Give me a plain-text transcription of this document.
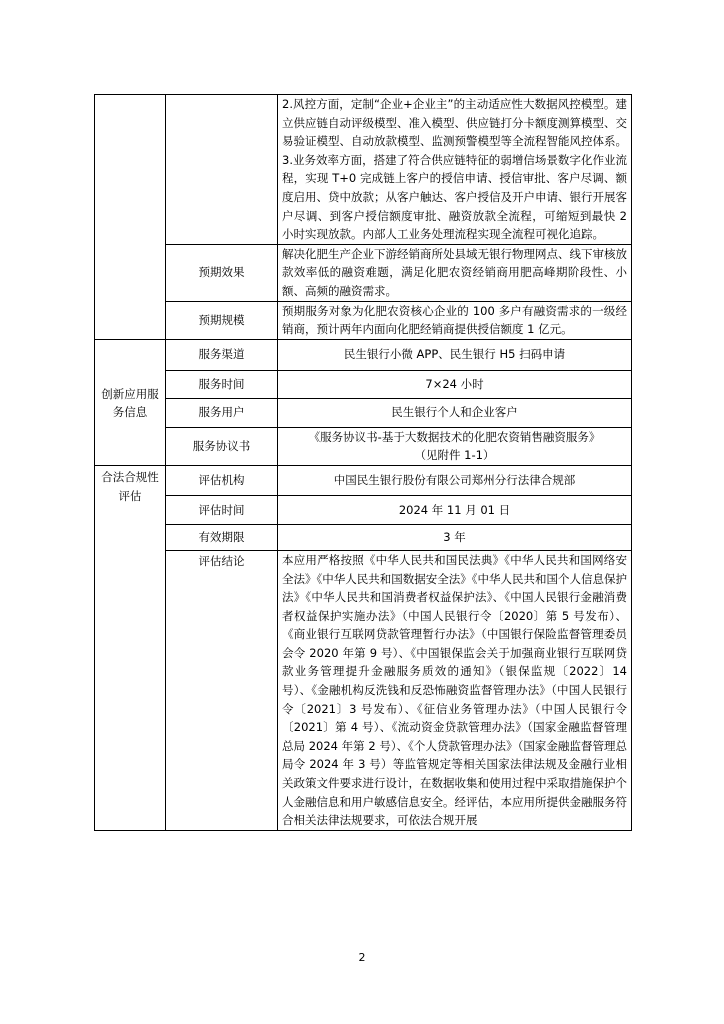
		2.风控方面，定制“企业+企业主”的主动适应性大数据风控模型。建立供应链自动评级模型、准入模型、供应链打分卡额度测算模型、交易验证模型、自动放款模型、监测预警模型等全流程智能风控体系。
3.业务效率方面，搭建了符合供应链特征的弱增信场景数字化作业流程，实现 T+0 完成链上客户的授信申请、授信审批、客户尽调、额度启用、贷中放款；从客户触达、客户授信及开户申请、银行开展客户尽调、到客户授信额度审批、融资放款全流程，可缩短到最快 2 小时实现放款。内部人工业务处理流程实现全流程可视化追踪。

	预期效果	解决化肥生产企业下游经销商所处县域无银行物理网点、线下审核放款效率低的融资难题，满足化肥农资经销商用肥高峰期阶段性、小额、高频的融资需求。
	预期规模	预期服务对象为化肥农资核心企业的 100 多户有融资需求的一级经销商，预计两年内面向化肥经销商提供授信额度 1 亿元。
创新应用服务信息	服务渠道	民生银行小微 APP、民生银行 H5 扫码申请
	服务时间	7×24 小时
	服务用户	民生银行个人和企业客户
	服务协议书	《服务协议书-基于大数据技术的化肥农资销售融资服务》
（见附件 1-1）

合法合规性评估	评估机构	中国民生银行股份有限公司郑州分行法律合规部
	评估时间	2024 年 11 月 01 日
	有效期限	3 年
	评估结论	本应用严格按照《中华人民共和国民法典》《中华人民共和国网络安全法》《中华人民共和国数据安全法》《中华人民共和国个人信息保护法》《中华人民共和国消费者权益保护法》、《中国人民银行金融消费者权益保护实施办法》（中国人民银行令〔2020〕第 5 号发布）、《商业银行互联网贷款管理暂行办法》（中国银行保险监督管理委员会令 2020 年第 9 号）、《中国银保监会关于加强商业银行互联网贷款业务管理提升金融服务质效的通知》（银保监规〔2022〕14 号）、《金融机构反洗钱和反恐怖融资监督管理办法》（中国人民银行令〔2021〕3 号发布）、《征信业务管理办法》（中国人民银行令〔2021〕第 4 号）、《流动资金贷款管理办法》（国家金融监督管理总局 2024 年第 2 号）、《个人贷款管理办法》（国家金融监督管理总局令 2024 年 3 号）等监管规定等相关国家法律法规及金融行业相关政策文件要求进行设计，在数据收集和使用过程中采取措施保护个人金融信息和用户敏感信息安全。经评估，本应用所提供金融服务符合相关法律法规要求，可依法合规开展
2
